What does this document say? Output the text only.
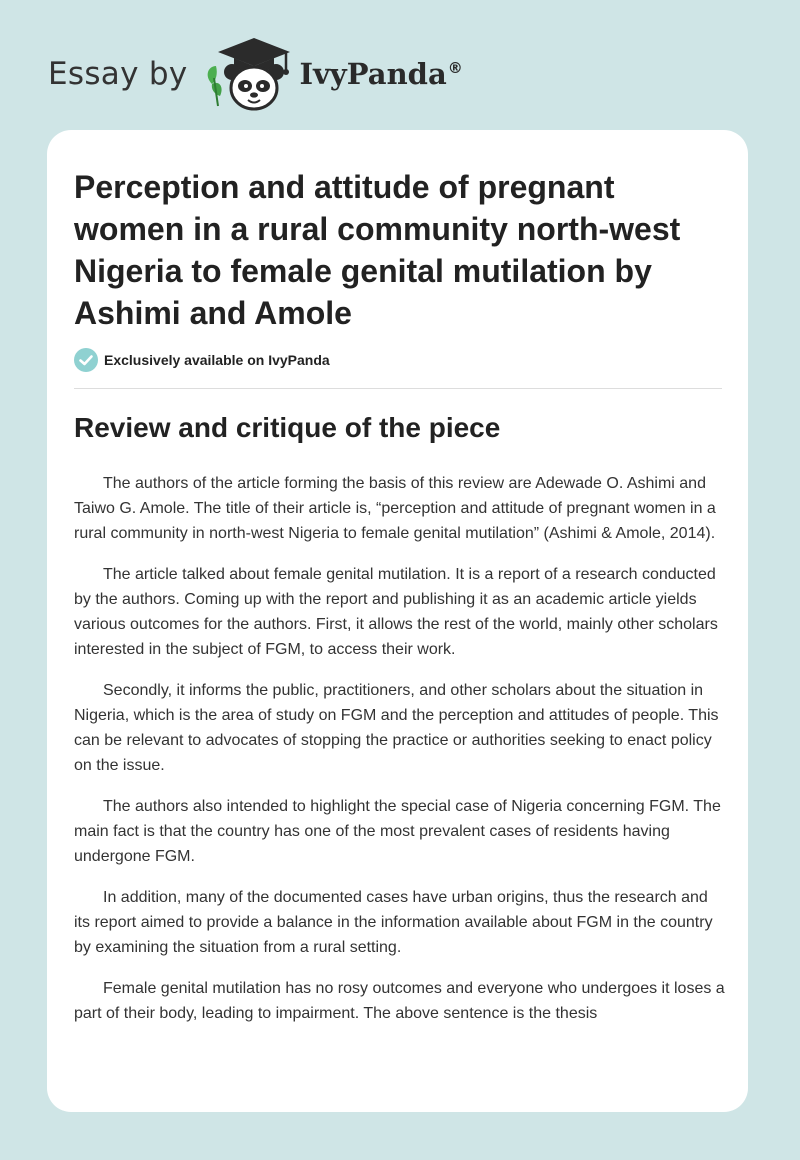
Essay by	IvyPanda®
Perception and attitude of pregnant women in a rural community north-west Nigeria to female genital mutilation by Ashimi and Amole
Exclusively available on IvyPanda
Review and critique of the piece

The authors of the article forming the basis of this review are Adewade O. Ashimi and Taiwo G. Amole. The title of their article is, “perception and attitude of pregnant women in a rural community in north-west Nigeria to female genital mutilation” (Ashimi & Amole, 2014).

The article talked about female genital mutilation. It is a report of a research conducted by the authors. Coming up with the report and publishing it as an academic article yields various outcomes for the authors. First, it allows the rest of the world, mainly other scholars interested in the subject of FGM, to access their work.

Secondly, it informs the public, practitioners, and other scholars about the situation in Nigeria, which is the area of study on FGM and the perception and attitudes of people. This can be relevant to advocates of stopping the practice or authorities seeking to enact policy on the issue.

The authors also intended to highlight the special case of Nigeria concerning FGM. The main fact is that the country has one of the most prevalent cases of residents having undergone FGM.

In addition, many of the documented cases have urban origins, thus the research and its report aimed to provide a balance in the information available about FGM in the country by examining the situation from a rural setting.

Female genital mutilation has no rosy outcomes and everyone who undergoes it loses a part of their body, leading to impairment. The above sentence is the thesis
